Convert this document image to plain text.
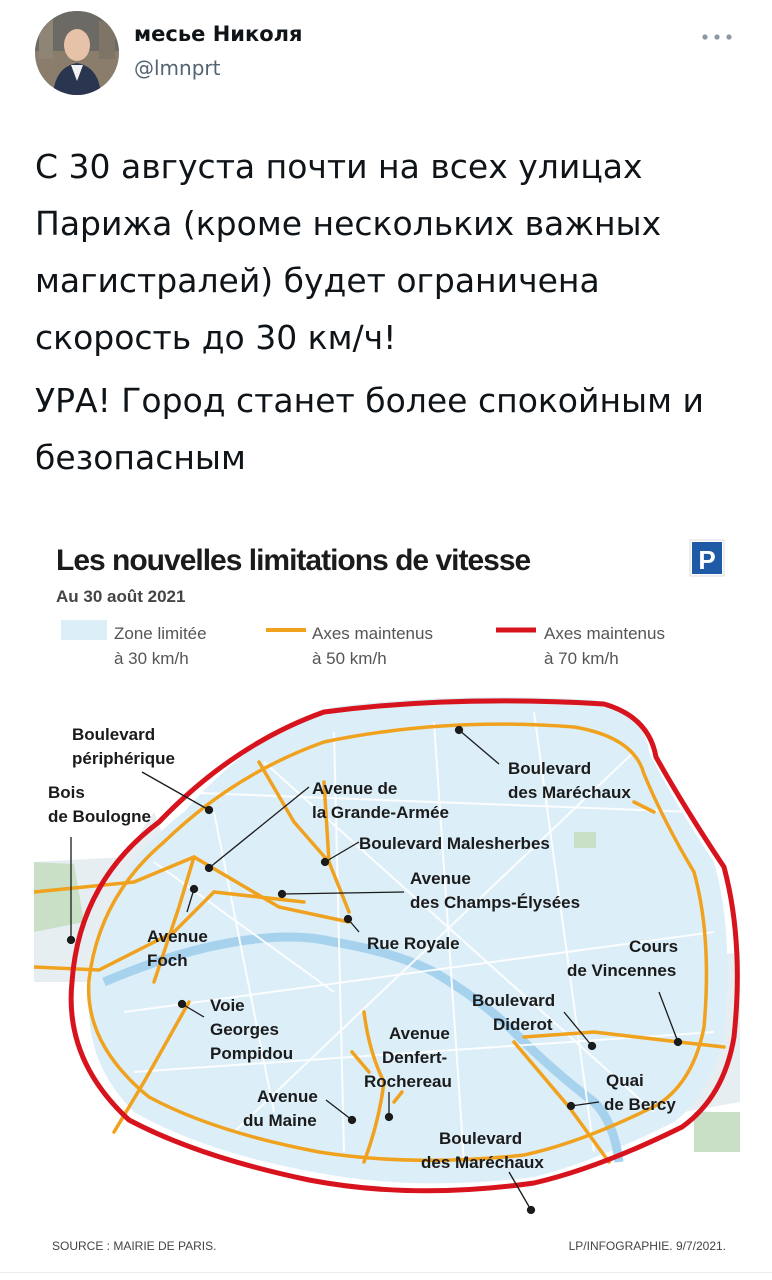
месье Николя
@lmnprt

С 30 августа почти на всех улицах Парижа (кроме нескольких важных магистралей) будет ограничена скорость до 30 км/ч!

УРА! Город станет более спокойным и безопасным

Les nouvelles limitations de vitesse
Au 30 août 2021
P
Zone limitée
à 30 km/h
Axes maintenus
à 50 km/h
Axes maintenus
à 70 km/h
Boulevard
périphérique
Bois
de Boulogne
Avenue de
la Grande-Armée
Boulevard
des Maréchaux
Boulevard Malesherbes
Avenue
des Champs-Élysées
Avenue
Foch
Rue Royale	Cours
de Vincennes
Boulevard
Diderot
Voie
Georges
Pompidou
Avenue
Denfert-
Rochereau
Avenue
du Maine
Quai
de Bercy
Boulevard
des Maréchaux
SOURCE : MAIRIE DE PARIS.	LP/INFOGRAPHIE. 9/7/2021.
